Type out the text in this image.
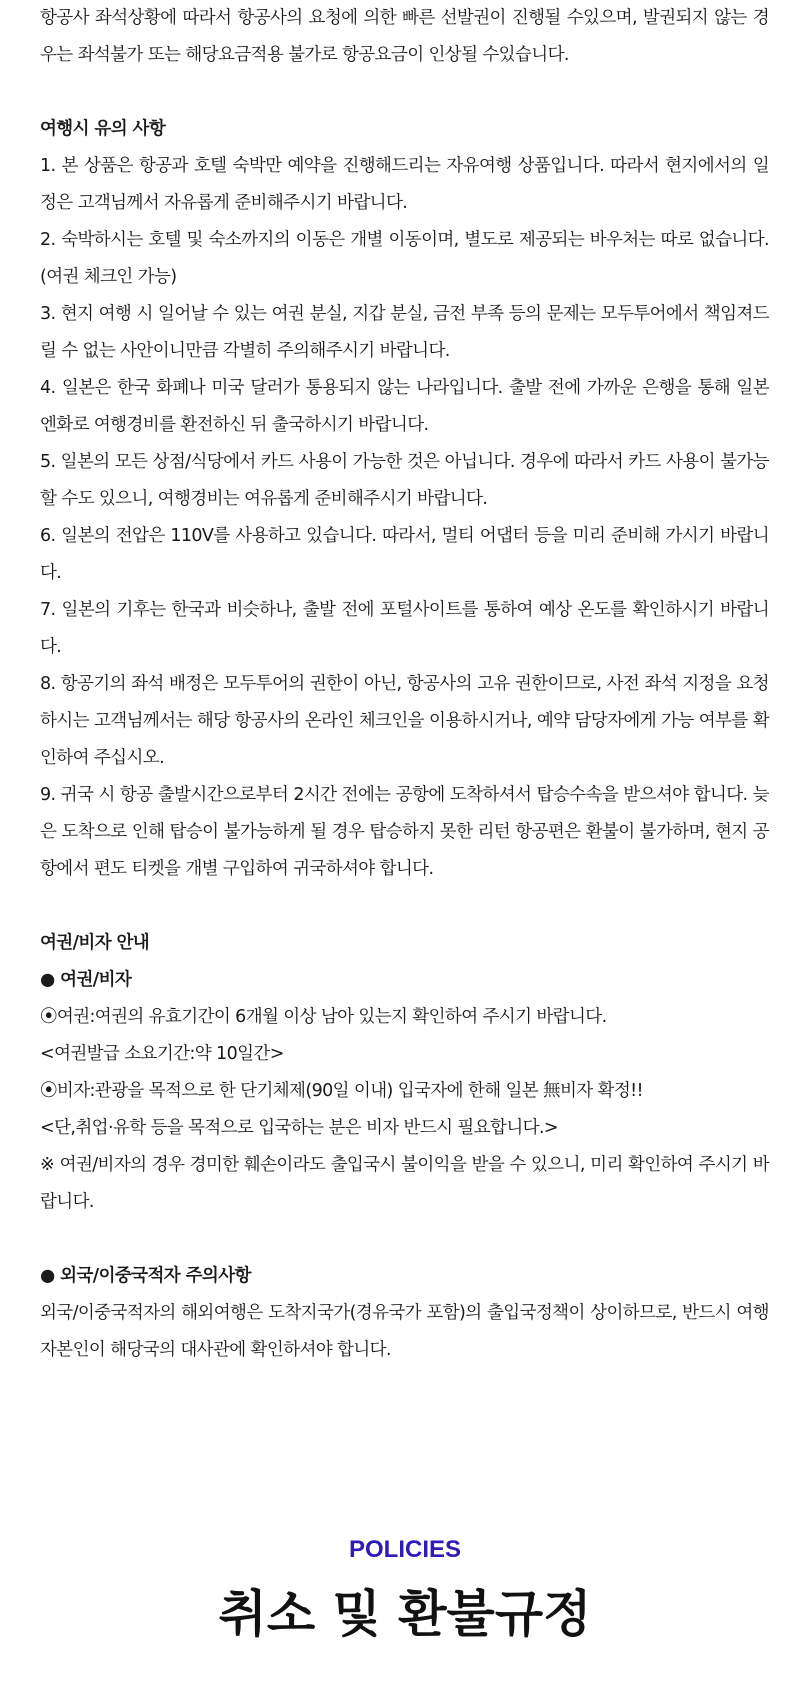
항공사 좌석상황에 따라서 항공사의 요청에 의한 빠른 선발권이 진행될 수있으며, 발권되지 않는 경우는 좌석불가 또는 해당요금적용 불가로 항공요금이 인상될 수있습니다.

여행시 유의 사항

1. 본 상품은 항공과 호텔 숙박만 예약을 진행해드리는 자유여행 상품입니다. 따라서 현지에서의 일정은 고객님께서 자유롭게 준비해주시기 바랍니다.

2. 숙박하시는 호텔 및 숙소까지의 이동은 개별 이동이며, 별도로 제공되는 바우처는 따로 없습니다. (여권 체크인 가능)

3. 현지 여행 시 일어날 수 있는 여권 분실, 지갑 분실, 금전 부족 등의 문제는 모두투어에서 책임져드릴 수 없는 사안이니만큼 각별히 주의해주시기 바랍니다.

4. 일본은 한국 화폐나 미국 달러가 통용되지 않는 나라입니다. 출발 전에 가까운 은행을 통해 일본 엔화로 여행경비를 환전하신 뒤 출국하시기 바랍니다.

5. 일본의 모든 상점/식당에서 카드 사용이 가능한 것은 아닙니다. 경우에 따라서 카드 사용이 불가능할 수도 있으니, 여행경비는 여유롭게 준비해주시기 바랍니다.

6. 일본의 전압은 110V를 사용하고 있습니다. 따라서, 멀티 어댑터 등을 미리 준비해 가시기 바랍니다.

7. 일본의 기후는 한국과 비슷하나, 출발 전에 포털사이트를 통하여 예상 온도를 확인하시기 바랍니다.

8. 항공기의 좌석 배정은 모두투어의 권한이 아닌, 항공사의 고유 권한이므로, 사전 좌석 지정을 요청하시는 고객님께서는 해당 항공사의 온라인 체크인을 이용하시거나, 예약 담당자에게 가능 여부를 확인하여 주십시오.

9. 귀국 시 항공 출발시간으로부터 2시간 전에는 공항에 도착하셔서 탑승수속을 받으셔야 합니다. 늦은 도착으로 인해 탑승이 불가능하게 될 경우 탑승하지 못한 리턴 항공편은 환불이 불가하며, 현지 공항에서 편도 티켓을 개별 구입하여 귀국하셔야 합니다.

여권/비자 안내

● 여권/비자

⦿여권:여권의 유효기간이 6개월 이상 남아 있는지 확인하여 주시기 바랍니다.

<여권발급 소요기간:약 10일간>

⦿비자:관광을 목적으로 한 단기체제(90일 이내) 입국자에 한해 일본 無비자 확정!!

<단,취업·유학 등을 목적으로 입국하는 분은 비자 반드시 필요합니다.>

※ 여권/비자의 경우 경미한 훼손이라도 출입국시 불이익을 받을 수 있으니, 미리 확인하여 주시기 바랍니다.

● 외국/이중국적자 주의사항

외국/이중국적자의 해외여행은 도착지국가(경유국가 포함)의 출입국정책이 상이하므로, 반드시 여행자본인이 해당국의 대사관에 확인하셔야 합니다.

POLICIES
취소 및 환불규정
